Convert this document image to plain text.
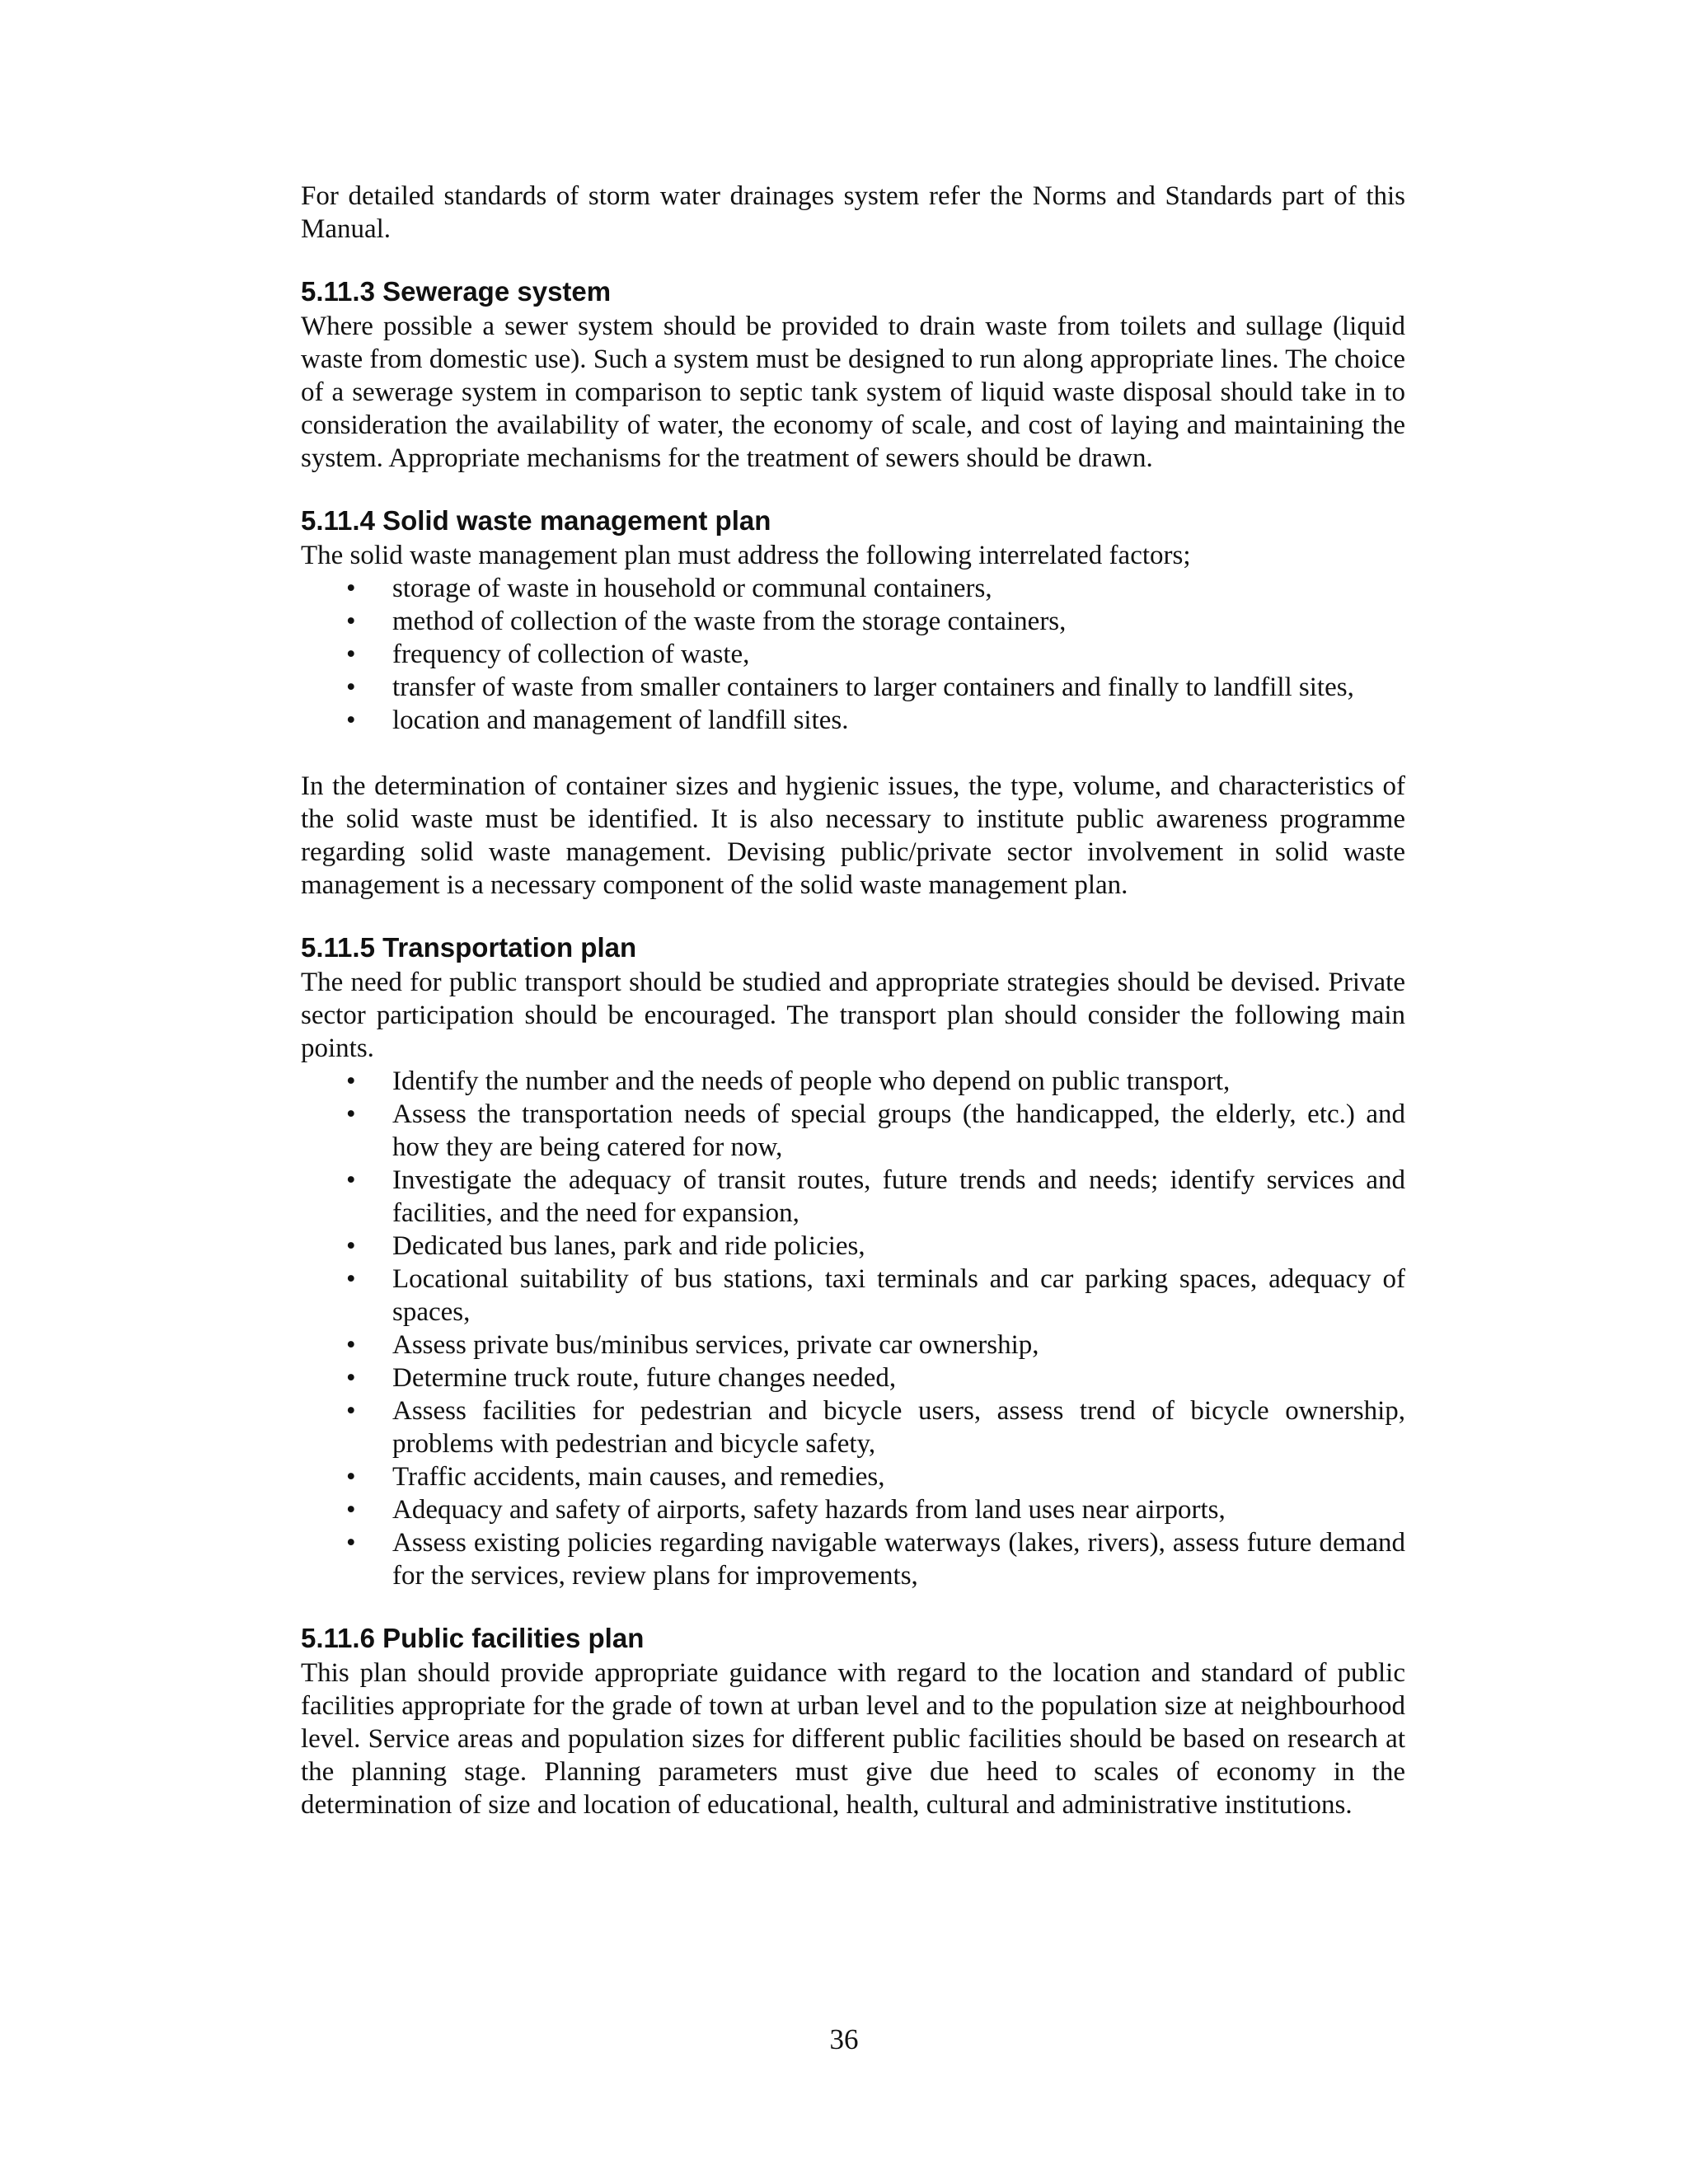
For detailed standards of storm water drainages system refer the Norms and Standards part of this Manual.

5.11.3 Sewerage system

Where possible a sewer system should be provided to drain waste from toilets and sullage (liquid waste from domestic use). Such a system must be designed to run along appropriate lines. The choice of a sewerage system in comparison to septic tank system of liquid waste disposal should take in to consideration the availability of water, the economy of scale, and cost of laying and maintaining the system. Appropriate mechanisms for the treatment of sewers should be drawn.

5.11.4 Solid waste management plan

The solid waste management plan must address the following interrelated factors;

• storage of waste in household or communal containers,
• method of collection of the waste from the storage containers,
• frequency of collection of waste,
• transfer of waste from smaller containers to larger containers and finally to landfill sites,
• location and management of landfill sites.

In the determination of container sizes and hygienic issues, the type, volume, and characteristics of the solid waste must be identified. It is also necessary to institute public awareness programme regarding solid waste management. Devising public/private sector involvement in solid waste management is a necessary component of the solid waste management plan.

5.11.5 Transportation plan

The need for public transport should be studied and appropriate strategies should be devised. Private sector participation should be encouraged. The transport plan should consider the following main points.

• Identify the number and the needs of people who depend on public transport,
• Assess the transportation needs of special groups (the handicapped, the elderly, etc.) and how they are being catered for now,
• Investigate the adequacy of transit routes, future trends and needs; identify services and facilities, and the need for expansion,
• Dedicated bus lanes, park and ride policies,
• Locational suitability of bus stations, taxi terminals and car parking spaces, adequacy of spaces,
• Assess private bus/minibus services, private car ownership,
• Determine truck route, future changes needed,
• Assess facilities for pedestrian and bicycle users, assess trend of bicycle ownership, problems with pedestrian and bicycle safety,
• Traffic accidents, main causes, and remedies,
• Adequacy and safety of airports, safety hazards from land uses near airports,
• Assess existing policies regarding navigable waterways (lakes, rivers), assess future demand for the services, review plans for improvements,
5.11.6 Public facilities plan

This plan should provide appropriate guidance with regard to the location and standard of public facilities appropriate for the grade of town at urban level and to the population size at neighbourhood level. Service areas and population sizes for different public facilities should be based on research at the planning stage. Planning parameters must give due heed to scales of economy in the determination of size and location of educational, health, cultural and administrative institutions.

36
